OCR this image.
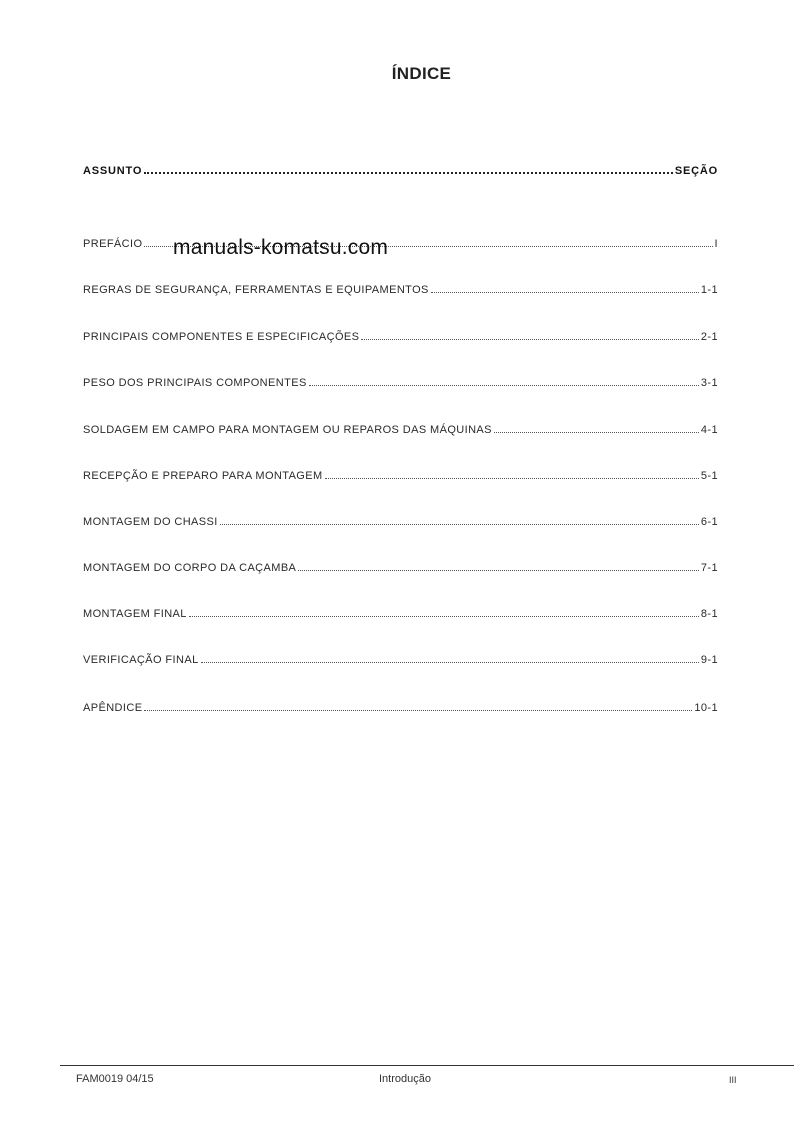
ÍNDICE
ASSUNTO	SEÇÃO
PREFÁCIO	I
REGRAS DE SEGURANÇA, FERRAMENTAS E EQUIPAMENTOS	1-1
PRINCIPAIS COMPONENTES E ESPECIFICAÇÕES	2-1
PESO DOS PRINCIPAIS COMPONENTES	3-1
SOLDAGEM EM CAMPO PARA MONTAGEM OU REPAROS DAS MÁQUINAS	4-1
RECEPÇÃO E PREPARO PARA MONTAGEM	5-1
MONTAGEM DO CHASSI	6-1
MONTAGEM DO CORPO DA CAÇAMBA	7-1
MONTAGEM FINAL	8-1
VERIFICAÇÃO FINAL	9-1
APÊNDICE	10-1
manuals-komatsu.com
FAM0019 04/15	Introdução	III
